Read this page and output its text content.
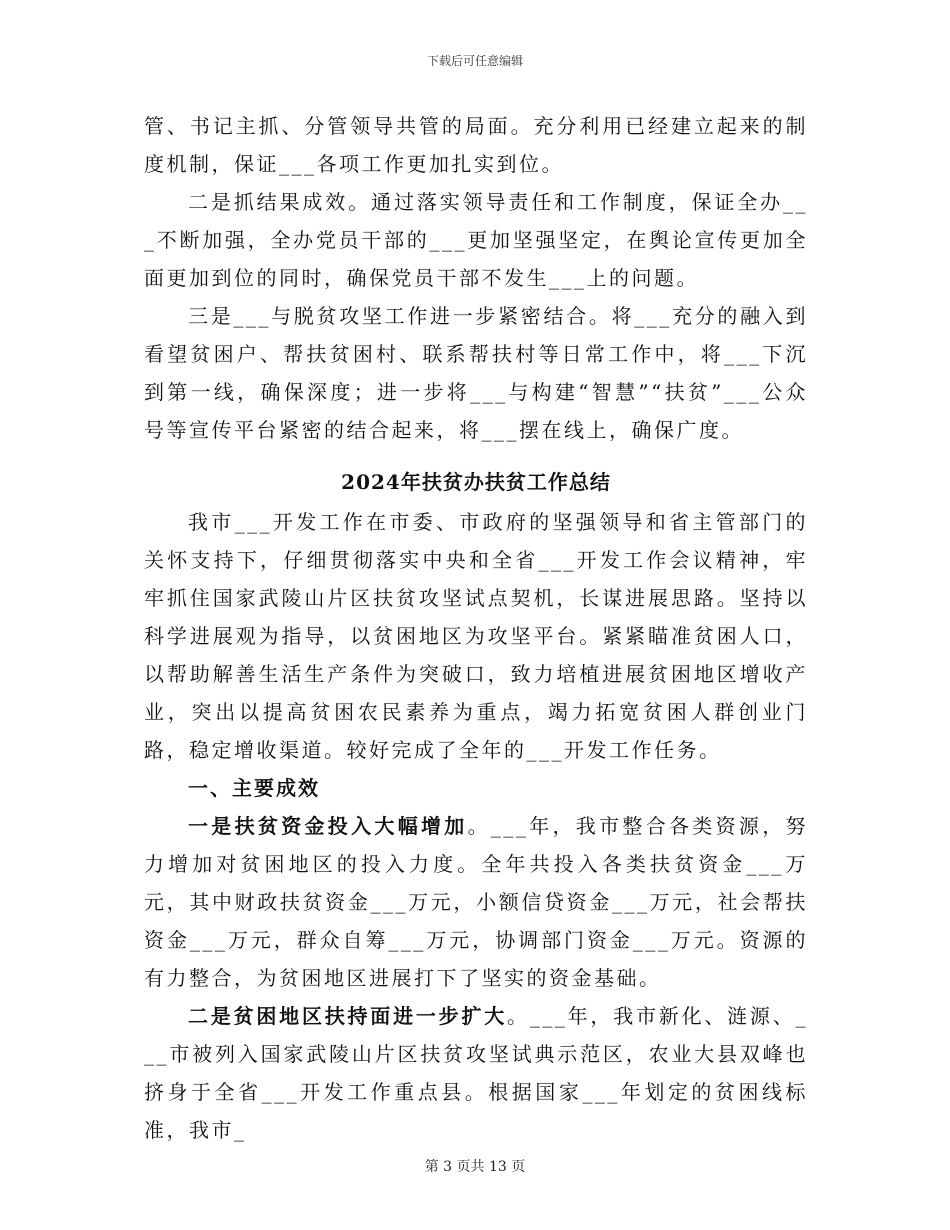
下载后可任意编辑

管、书记主抓、分管领导共管的局面。充分利用已经建立起来的制度机制，保证___各项工作更加扎实到位。

二是抓结果成效。通过落实领导责任和工作制度，保证全办___不断加强，全办党员干部的___更加坚强坚定，在舆论宣传更加全面更加到位的同时，确保党员干部不发生___上的问题。

三是___与脱贫攻坚工作进一步紧密结合。将___充分的融入到看望贫困户、帮扶贫困村、联系帮扶村等日常工作中，将___下沉到第一线，确保深度；进一步将___与构建“智慧”“扶贫”___公众号等宣传平台紧密的结合起来，将___摆在线上，确保广度。

2024年扶贫办扶贫工作总结

我市___开发工作在市委、市政府的坚强领导和省主管部门的关怀支持下，仔细贯彻落实中央和全省___开发工作会议精神，牢牢抓住国家武陵山片区扶贫攻坚试点契机，长谋进展思路。坚持以科学进展观为指导，以贫困地区为攻坚平台。紧紧瞄准贫困人口，以帮助解善生活生产条件为突破口，致力培植进展贫困地区增收产业，突出以提高贫困农民素养为重点，竭力拓宽贫困人群创业门路，稳定增收渠道。较好完成了全年的___开发工作任务。

一、主要成效

一是扶贫资金投入大幅增加。___年，我市整合各类资源，努力增加对贫困地区的投入力度。全年共投入各类扶贫资金___万元，其中财政扶贫资金___万元，小额信贷资金___万元，社会帮扶资金___万元，群众自筹___万元，协调部门资金___万元。资源的有力整合，为贫困地区进展打下了坚实的资金基础。

二是贫困地区扶持面进一步扩大。___年，我市新化、涟源、___市被列入国家武陵山片区扶贫攻坚试典示范区，农业大县双峰也挤身于全省___开发工作重点县。根据国家___年划定的贫困线标准，我市_

第 3 页共 13 页
